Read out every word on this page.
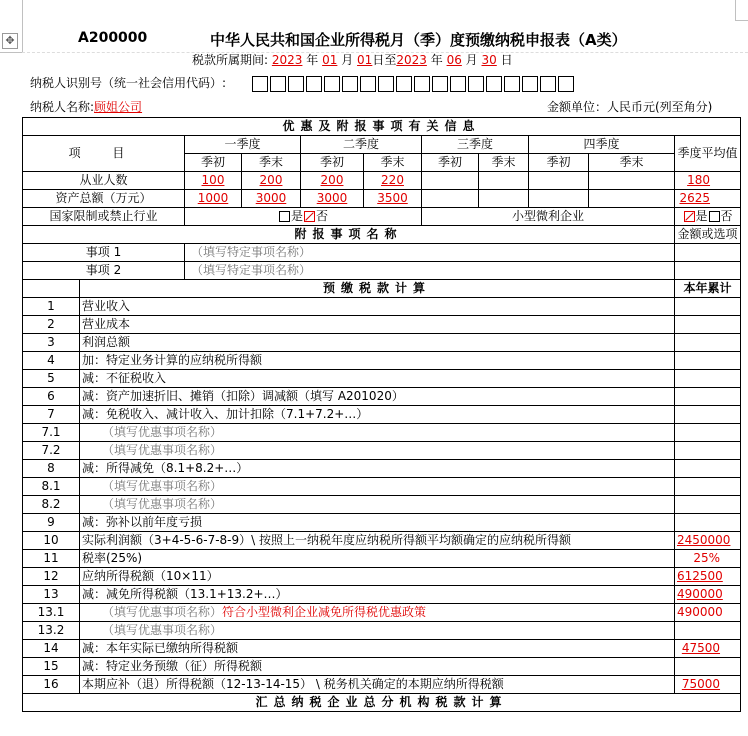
✥	A200000	中华人民共和国企业所得税月（季）度预缴纳税申报表（A类）
税款所属期间: 2023 年 01 月 01日至2023 年 06 月 30 日
纳税人识别号（统一社会信用代码）:
纳税人名称:顾姐公司	金额单位：人民币元(列至角分)
优惠及附报事项有关信息										
项 目		一季度		二季度		三季度		四季度		季度平均值
		季初	季末	季初	季末	季初	季末	季初	季末	
从业人数		100	200	200	220					180
资产总额（万元）		1000	3000	3000	3500					2625
国家限制或禁止行业		是 否				小型微利企业				是 否
附报事项名称										金额或选项
事项 1		（填写特定事项名称）								
事项 2		（填写特定事项名称）								
	预缴税款计算									本年累计
1	营业收入									
2	营业成本									
3	利润总额									
4	加：特定业务计算的应纳税所得额									
5	减：不征税收入									
6	减：资产加速折旧、摊销（扣除）调减额（填写 A201020）									
7	减：免税收入、减计收入、加计扣除（7.1+7.2+…）									
7.1	（填写优惠事项名称）									
7.2	（填写优惠事项名称）									
8	减：所得减免（8.1+8.2+…）									
8.1	（填写优惠事项名称）									
8.2	（填写优惠事项名称）									
9	减：弥补以前年度亏损									
10	实际利润额（3+4-5-6-7-8-9）\ 按照上一纳税年度应纳税所得额平均额确定的应纳税所得额									2450000
11	税率(25%)									25%
12	应纳所得税额（10×11）									612500
13	减：减免所得税额（13.1+13.2+…）									490000
13.1	（填写优惠事项名称）符合小型微利企业减免所得税优惠政策									490000
13.2	（填写优惠事项名称）									
14	减：本年实际已缴纳所得税额									47500
15	减：特定业务预缴（征）所得税额									
16	本期应补（退）所得税额（12-13-14-15） \ 税务机关确定的本期应纳所得税额									75000
汇总纳税企业总分机构税款计算										
